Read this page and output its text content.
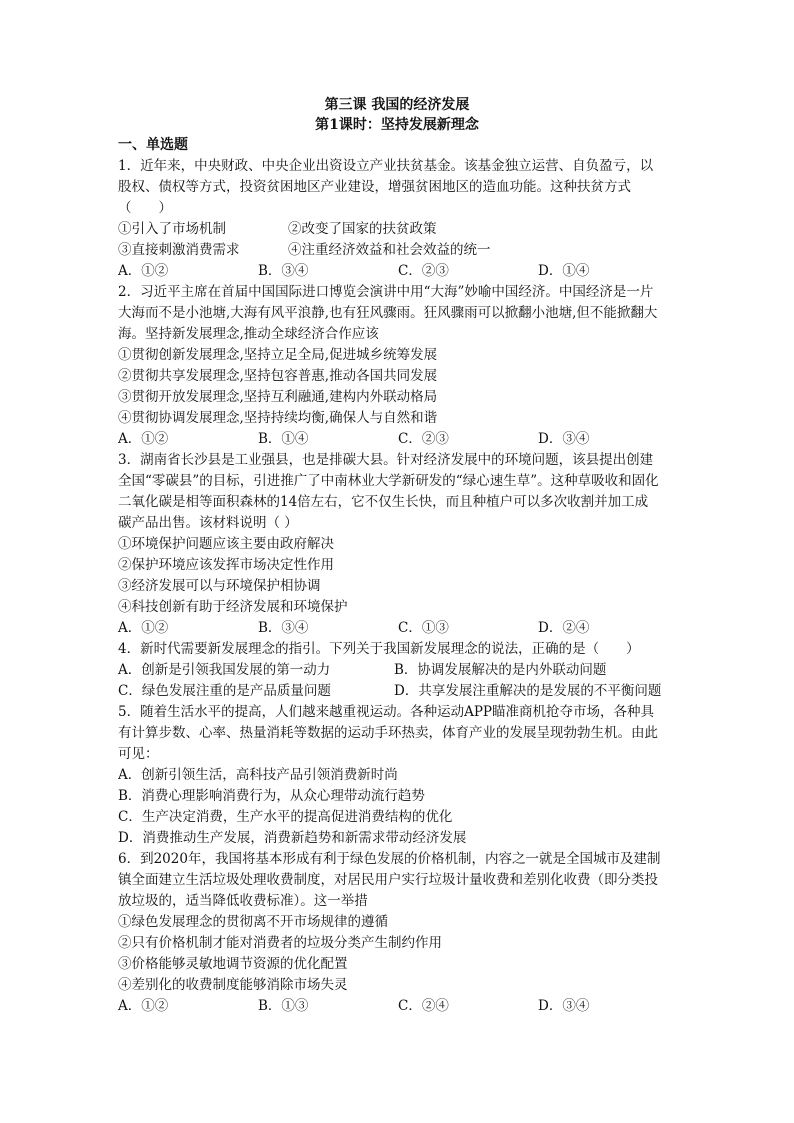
第三课 我国的经济发展

第1课时：坚持发展新理念

一、单选题

1．近年来，中央财政、中央企业出资设立产业扶贫基金。该基金独立运营、自负盈亏，以

股权、债权等方式，投资贫困地区产业建设，增强贫困地区的造血功能。这种扶贫方式

（　　）

①引入了市场机制	②改变了国家的扶贫政策
③直接刺激消费需求	④注重经济效益和社会效益的统一
A．①②	B．③④	C．②③	D．①④

2．习近平主席在首届中国国际进口博览会演讲中用“大海”妙喻中国经济。中国经济是一片

大海而不是小池塘,大海有风平浪静,也有狂风骤雨。狂风骤雨可以掀翻小池塘,但不能掀翻大

海。坚持新发展理念,推动全球经济合作应该

①贯彻创新发展理念,坚持立足全局,促进城乡统筹发展

②贯彻共享发展理念,坚持包容普惠,推动各国共同发展

③贯彻开放发展理念,坚持互利融通,建构内外联动格局

④贯彻协调发展理念,坚持持续均衡,确保人与自然和谐

A．①②	B．①④	C．②③	D．③④

3．湖南省长沙县是工业强县，也是排碳大县。针对经济发展中的环境问题，该县提出创建

全国“零碳县”的目标，引进推广了中南林业大学新研发的“绿心速生草”。这种草吸收和固化

二氧化碳是相等面积森林的14倍左右，它不仅生长快，而且种植户可以多次收割并加工成

碳产品出售。该材料说明（ ）

①环境保护问题应该主要由政府解决

②保护环境应该发挥市场决定性作用

③经济发展可以与环境保护相协调

④科技创新有助于经济发展和环境保护

A．①②	B．③④	C．①③	D．②④

4．新时代需要新发展理念的指引。下列关于我国新发展理念的说法，正确的是（　　）

A．创新是引领我国发展的第一动力	B．协调发展解决的是内外联动问题
C．绿色发展注重的是产品质量问题	D．共享发展注重解决的是发展的不平衡问题

5．随着生活水平的提高，人们越来越重视运动。各种运动APP瞄准商机抢夺市场，各种具

有计算步数、心率、热量消耗等数据的运动手环热卖，体育产业的发展呈现勃勃生机。由此

可见：

A．创新引领生活，高科技产品引领消费新时尚

B．消费心理影响消费行为，从众心理带动流行趋势

C．生产决定消费，生产水平的提高促进消费结构的优化

D．消费推动生产发展，消费新趋势和新需求带动经济发展

6．到2020年，我国将基本形成有利于绿色发展的价格机制，内容之一就是全国城市及建制

镇全面建立生活垃圾处理收费制度，对居民用户实行垃圾计量收费和差别化收费（即分类投

放垃圾的，适当降低收费标准）。这一举措

①绿色发展理念的贯彻离不开市场规律的遵循

②只有价格机制才能对消费者的垃圾分类产生制约作用

③价格能够灵敏地调节资源的优化配置

④差别化的收费制度能够消除市场失灵

A．①②	B．①③	C．②④	D．③④
